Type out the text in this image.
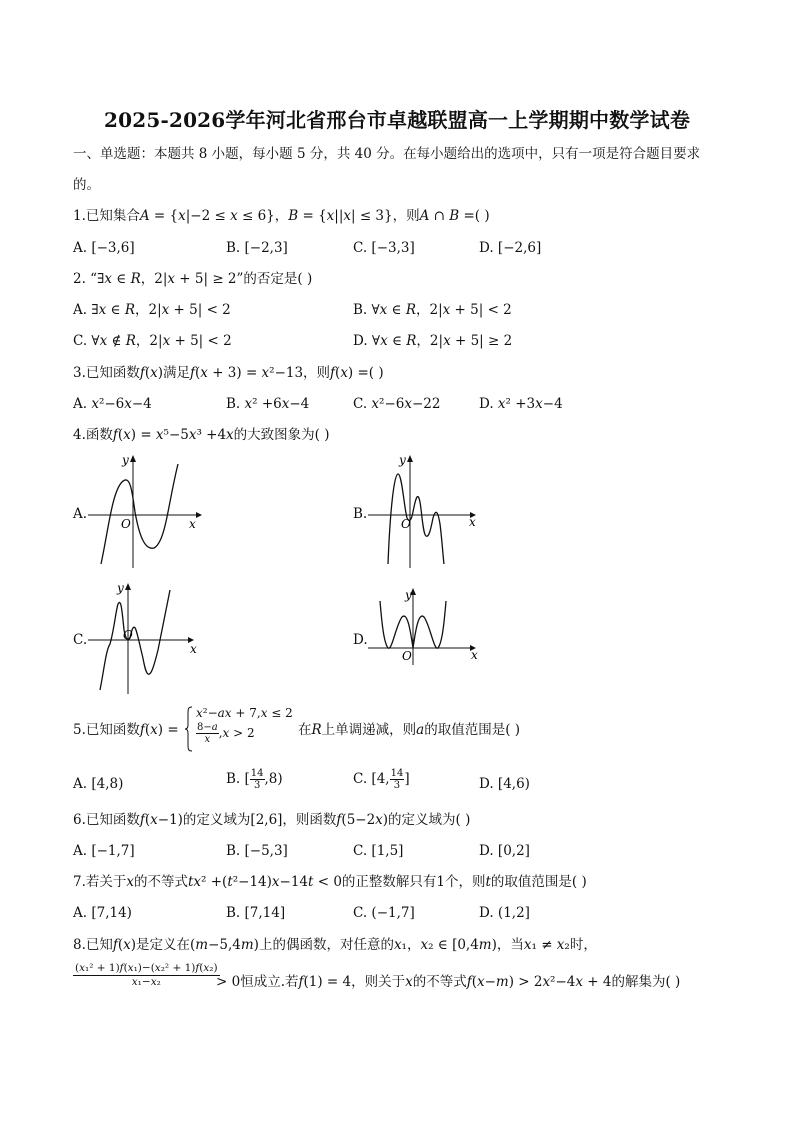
2025-2026学年河北省邢台市卓越联盟高一上学期期中数学试卷
一、单选题：本题共 8 小题，每小题 5 分，共 40 分。在每小题给出的选项中，只有一项是符合题目要求
的。
1.已知集合𝐴 = {𝑥|−2 ≤ 𝑥 ≤ 6}，𝐵 = {𝑥||𝑥| ≤ 3}，则𝐴 ∩ 𝐵 =( )
A. [−3,6]	B. [−2,3]	C. [−3,3]	D. [−2,6]
2. “∃𝑥 ∈ 𝑅，2|𝑥 + 5| ≥ 2”的否定是( )
A. ∃𝑥 ∈ 𝑅，2|𝑥 + 5| < 2	B. ∀𝑥 ∈ 𝑅，2|𝑥 + 5| < 2
C. ∀𝑥 ∉ 𝑅，2|𝑥 + 5| < 2	D. ∀𝑥 ∈ 𝑅，2|𝑥 + 5| ≥ 2
3.已知函数𝑓(𝑥)满足𝑓(𝑥 + 3) = 𝑥²−13，则𝑓(𝑥) =( )
A. 𝑥²−6𝑥−4	B. 𝑥² +6𝑥−4	C. 𝑥²−6𝑥−22	D. 𝑥² +3𝑥−4
4.函数𝑓(𝑥) = 𝑥⁵−5𝑥³ +4𝑥的大致图象为( )
A.
y
x
O
B.
y
x
O
C.
y
x
O	D.
y
x
O
5.已知函数𝑓(𝑥) =
𝑥²−𝑎𝑥 + 7,𝑥 ≤ 2
$\frac{\text{8−𝑎}}{\text{𝑥}}$ ,𝑥 > 2	在𝑅上单调递减，则𝑎的取值范围是( )
A. [4,8)	B. [ $\frac{14}{3} ,8$)	C. [4, $\frac{14}{3}$ ]	D. [4,6)
6.已知函数𝑓(𝑥−1)的定义域为[2,6]，则函数𝑓(5−2𝑥)的定义域为( )
A. [−1,7]	B. [−5,3]	C. [1,5]	D. [0,2]
7.若关于𝑥的不等式𝑡𝑥² +(𝑡²−14)𝑥−14𝑡 < 0的正整数解只有1个，则𝑡的取值范围是( )
A. [7,14)	B. [7,14]	C. (−1,7]	D. (1,2]
8.已知𝑓(𝑥)是定义在(𝑚−5,4𝑚)上的偶函数，对任意的𝑥₁，𝑥₂ ∈ [0,4𝑚)，当𝑥₁ ≠ 𝑥₂时，
$\frac{\text{(𝑥₁² + 1)𝑓(𝑥₁)−(𝑥₂² + 1)𝑓(𝑥₂)}}{\text{𝑥₁−𝑥₂}}$
> 0恒成立.若𝑓(1) = 4，则关于𝑥的不等式𝑓(𝑥−𝑚) > 2𝑥²−4𝑥 + 4的解集为( )
